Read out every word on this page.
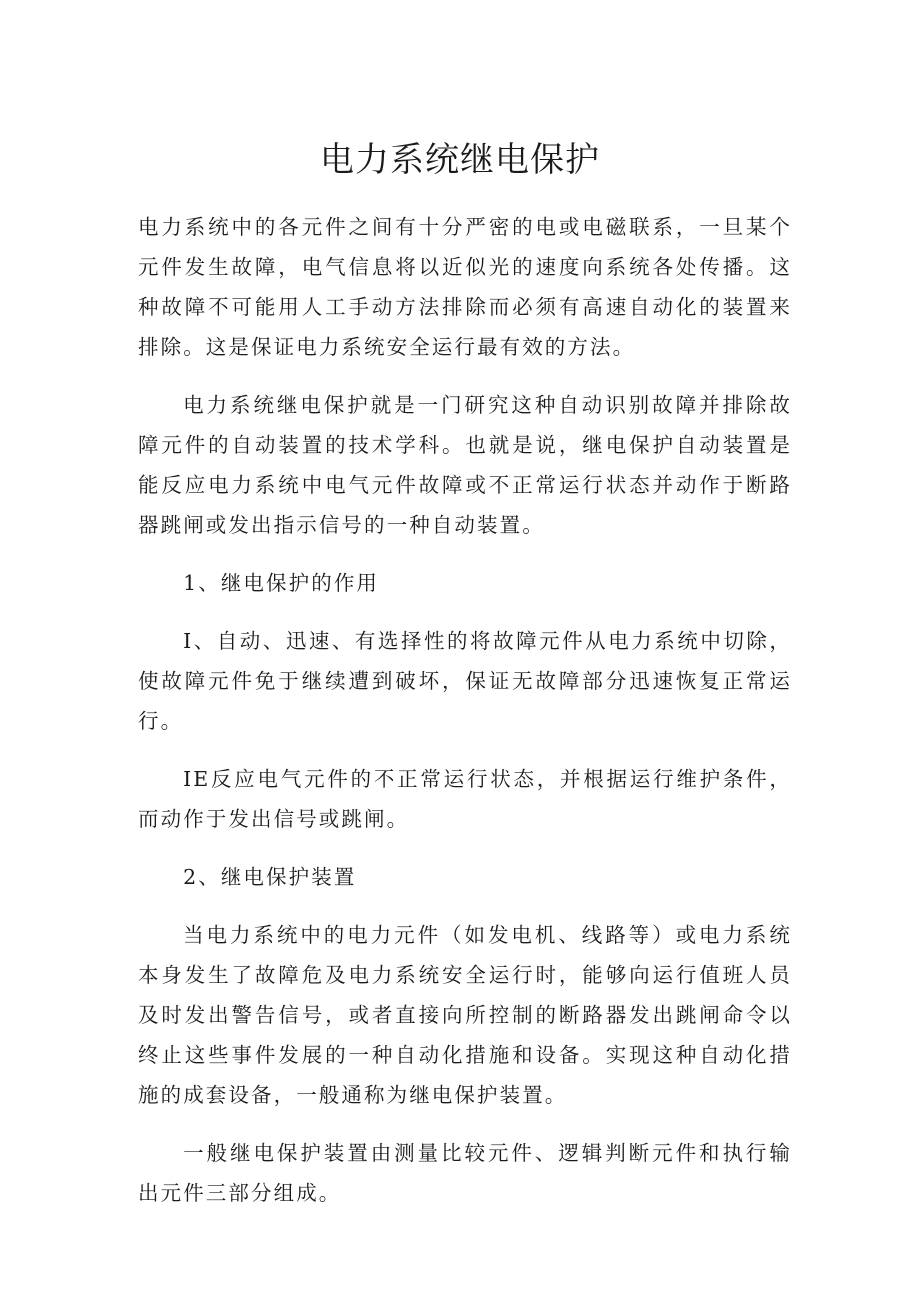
电力系统继电保护

电力系统中的各元件之间有十分严密的电或电磁联系，一旦某个元件发生故障，电气信息将以近似光的速度向系统各处传播。这种故障不可能用人工手动方法排除而必须有高速自动化的装置来排除。这是保证电力系统安全运行最有效的方法。

电力系统继电保护就是一门研究这种自动识别故障并排除故障元件的自动装置的技术学科。也就是说，继电保护自动装置是能反应电力系统中电气元件故障或不正常运行状态并动作于断路器跳闸或发出指示信号的一种自动装置。

1、继电保护的作用

I、自动、迅速、有选择性的将故障元件从电力系统中切除，使故障元件免于继续遭到破坏，保证无故障部分迅速恢复正常运行。

IE反应电气元件的不正常运行状态，并根据运行维护条件，而动作于发出信号或跳闸。

2、继电保护装置

当电力系统中的电力元件（如发电机、线路等）或电力系统本身发生了故障危及电力系统安全运行时，能够向运行值班人员及时发出警告信号，或者直接向所控制的断路器发出跳闸命令以终止这些事件发展的一种自动化措施和设备。实现这种自动化措施的成套设备，一般通称为继电保护装置。

一般继电保护装置由测量比较元件、逻辑判断元件和执行输出元件三部分组成。
